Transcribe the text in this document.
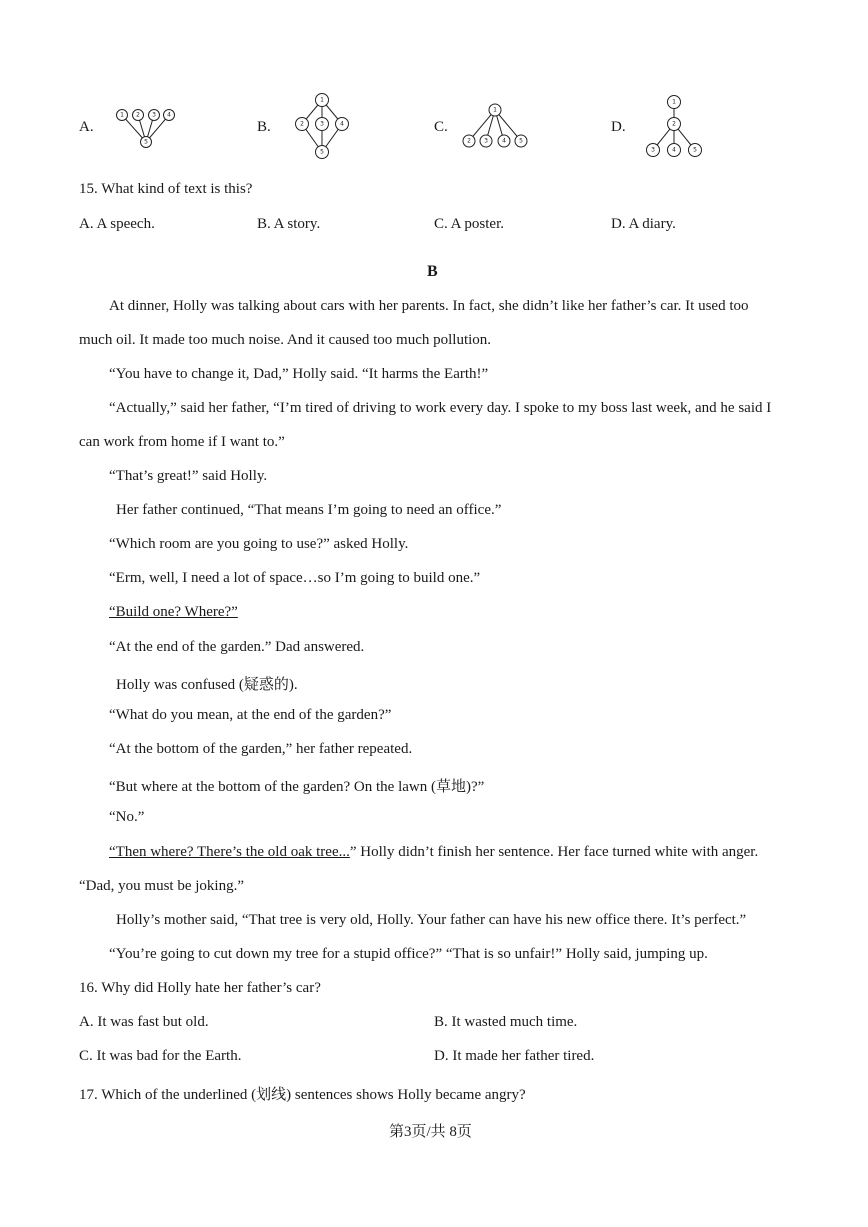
A.
1 2 3 4
5
B.
1
2	3	4
5
C.
1
2 3 4 5
D.
1
2
3	4	5
15. What kind of text is this?
A. A speech.	B. A story.	C. A poster.	D. A diary.
B
At dinner, Holly was talking about cars with her parents. In fact, she didn’t like her father’s car. It used too
much oil. It made too much noise. And it caused too much pollution.
“You have to change it, Dad,” Holly said. “It harms the Earth!”
“Actually,” said her father, “I’m tired of driving to work every day. I spoke to my boss last week, and he said I
can work from home if I want to.”
“That’s great!” said Holly.
Her father continued, “That means I’m going to need an office.”
“Which room are you going to use?” asked Holly.
“Erm, well, I need a lot of space…so I’m going to build one.”
“Build one? Where?”
“At the end of the garden.” Dad answered.
Holly was confused (疑惑的).
“What do you mean, at the end of the garden?”
“At the bottom of the garden,” her father repeated.
“But where at the bottom of the garden? On the lawn (草地)?”
“No.”
“Then where? There’s the old oak tree...” Holly didn’t finish her sentence. Her face turned white with anger.
“Dad, you must be joking.”
Holly’s mother said, “That tree is very old, Holly. Your father can have his new office there. It’s perfect.”
“You’re going to cut down my tree for a stupid office?” “That is so unfair!” Holly said, jumping up.
16. Why did Holly hate her father’s car?
A. It was fast but old.	B. It wasted much time.
C. It was bad for the Earth.	D. It made her father tired.
17. Which of the underlined (划线) sentences shows Holly became angry?
第3页/共 8页
